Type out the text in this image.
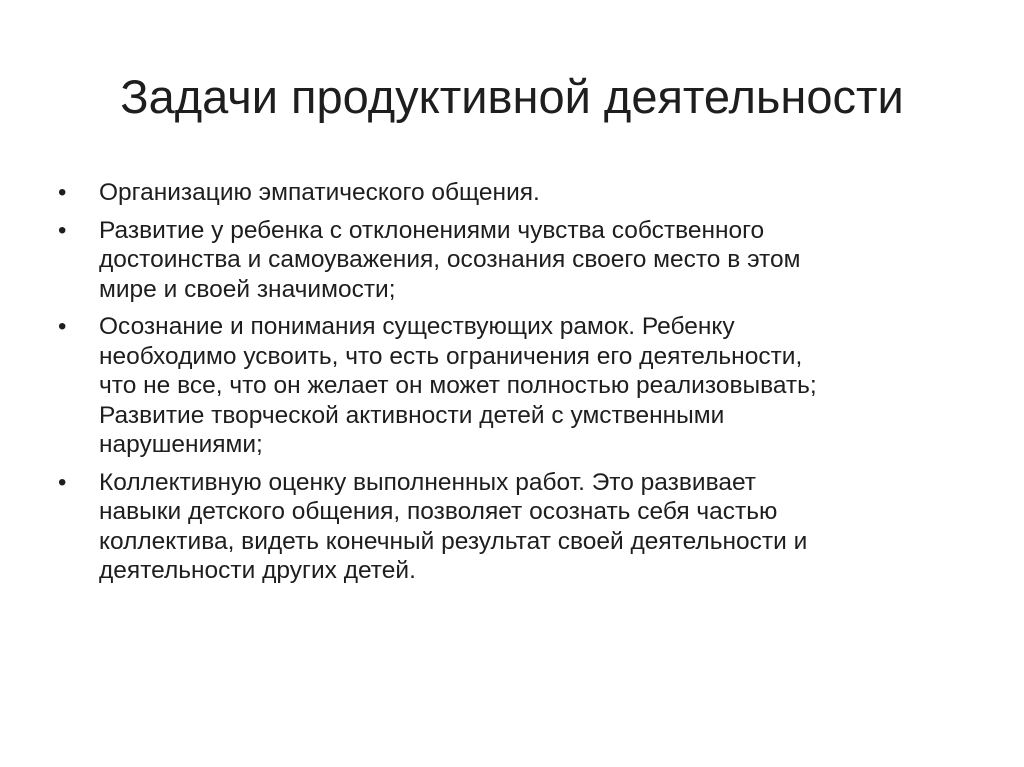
Задачи продуктивной деятельности
•	Организацию эмпатического общения.
•	Развитие у ребенка с отклонениями чувства собственного
достоинства и самоуважения, осознания своего место в этом
мире и своей значимости;
•	Осознание и понимания существующих рамок. Ребенку
необходимо усвоить, что есть ограничения его деятельности,
что не все, что он желает он может полностью реализовывать;
Развитие творческой активности детей с умственными
нарушениями;
•	Коллективную оценку выполненных работ. Это развивает
навыки детского общения, позволяет осознать себя частью
коллектива, видеть конечный результат своей деятельности и
деятельности других детей.
